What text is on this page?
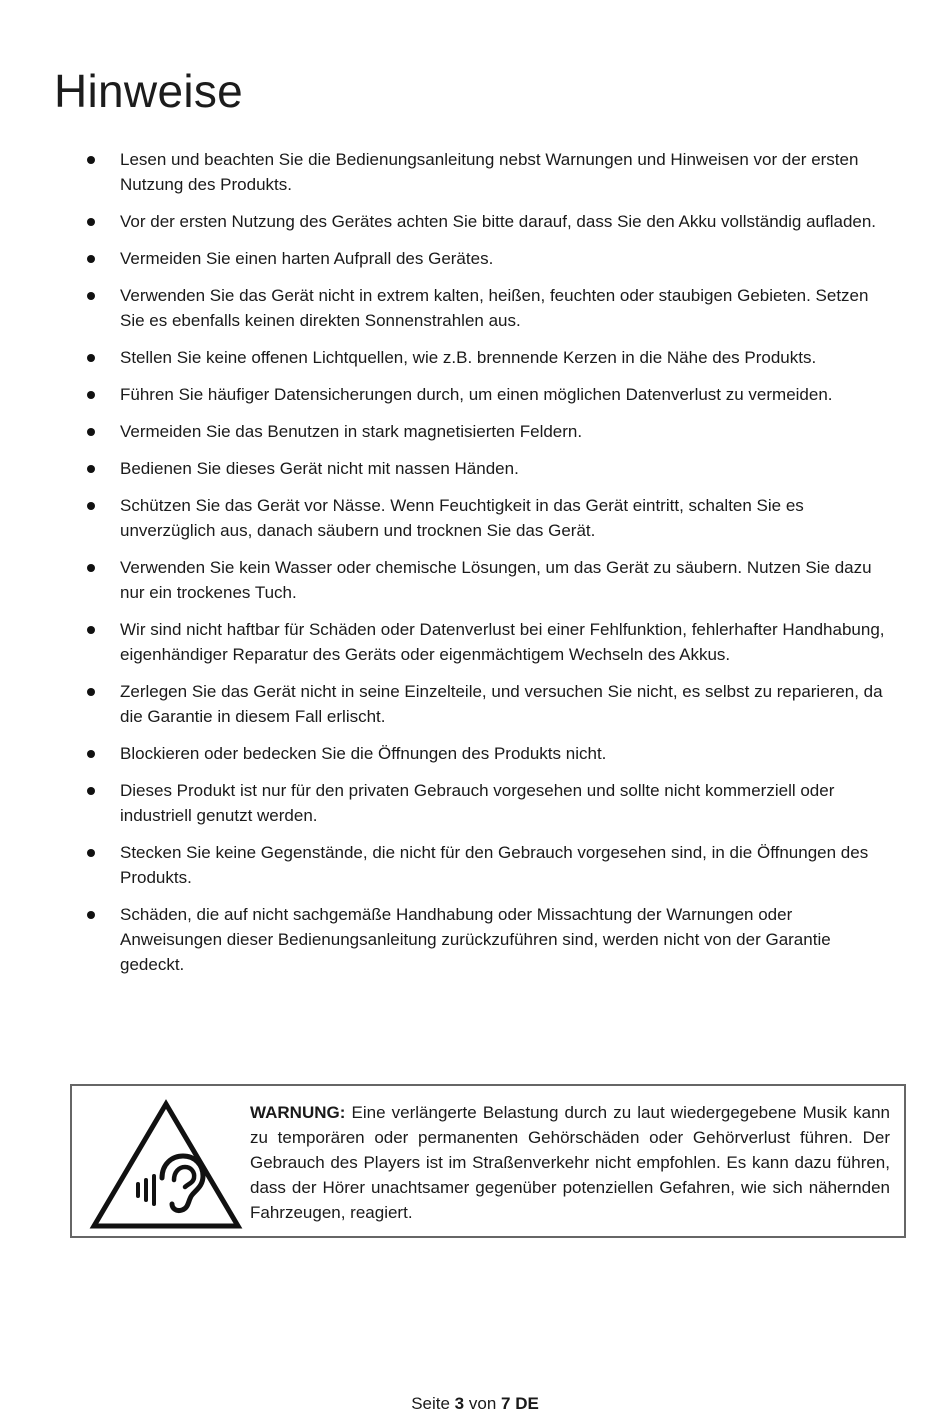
Hinweise
Lesen und beachten Sie die Bedienungsanleitung nebst Warnungen und Hinweisen vor der ersten Nutzung des Produkts.
Vor der ersten Nutzung des Gerätes achten Sie bitte darauf, dass Sie den Akku vollständig aufladen.
Vermeiden Sie einen harten Aufprall des Gerätes.
Verwenden Sie das Gerät nicht in extrem kalten, heißen, feuchten oder staubigen Gebieten. Setzen Sie es ebenfalls keinen direkten Sonnenstrahlen aus.
Stellen Sie keine offenen Lichtquellen, wie z.B. brennende Kerzen in die Nähe des Produkts.
Führen Sie häufiger Datensicherungen durch, um einen möglichen Datenverlust zu vermeiden.
Vermeiden Sie das Benutzen in stark magnetisierten Feldern.
Bedienen Sie dieses Gerät nicht mit nassen Händen.
Schützen Sie das Gerät vor Nässe. Wenn Feuchtigkeit in das Gerät eintritt, schalten Sie es unverzüglich aus, danach säubern und trocknen Sie das Gerät.
Verwenden Sie kein Wasser oder chemische Lösungen, um das Gerät zu säubern. Nutzen Sie dazu nur ein trockenes Tuch.
Wir sind nicht haftbar für Schäden oder Datenverlust bei einer Fehlfunktion, fehlerhafter Handhabung, eigenhändiger Reparatur des Geräts oder eigenmächtigem Wechseln des Akkus.
Zerlegen Sie das Gerät nicht in seine Einzelteile, und versuchen Sie nicht, es selbst zu reparieren, da die Garantie in diesem Fall erlischt.
Blockieren oder bedecken Sie die Öffnungen des Produkts nicht.
Dieses Produkt ist nur für den privaten Gebrauch vorgesehen und sollte nicht kommerziell oder industriell genutzt werden.
Stecken Sie keine Gegenstände, die nicht für den Gebrauch vorgesehen sind, in die Öffnungen des Produkts.
Schäden, die auf nicht sachgemäße Handhabung oder Missachtung der Warnungen oder Anweisungen dieser Bedienungsanleitung zurückzuführen sind, werden nicht von der Garantie gedeckt.
WARNUNG: Eine verlängerte Belastung durch zu laut wiedergegebene Musik kann zu temporären oder permanenten Gehörschäden oder Gehörverlust führen. Der Gebrauch des Players ist im Straßenverkehr nicht empfohlen. Es kann dazu führen, dass der Hörer unachtsamer gegenüber potenziellen Gefahren, wie sich nähernden Fahrzeugen, reagiert.
Seite 3 von 7 DE
